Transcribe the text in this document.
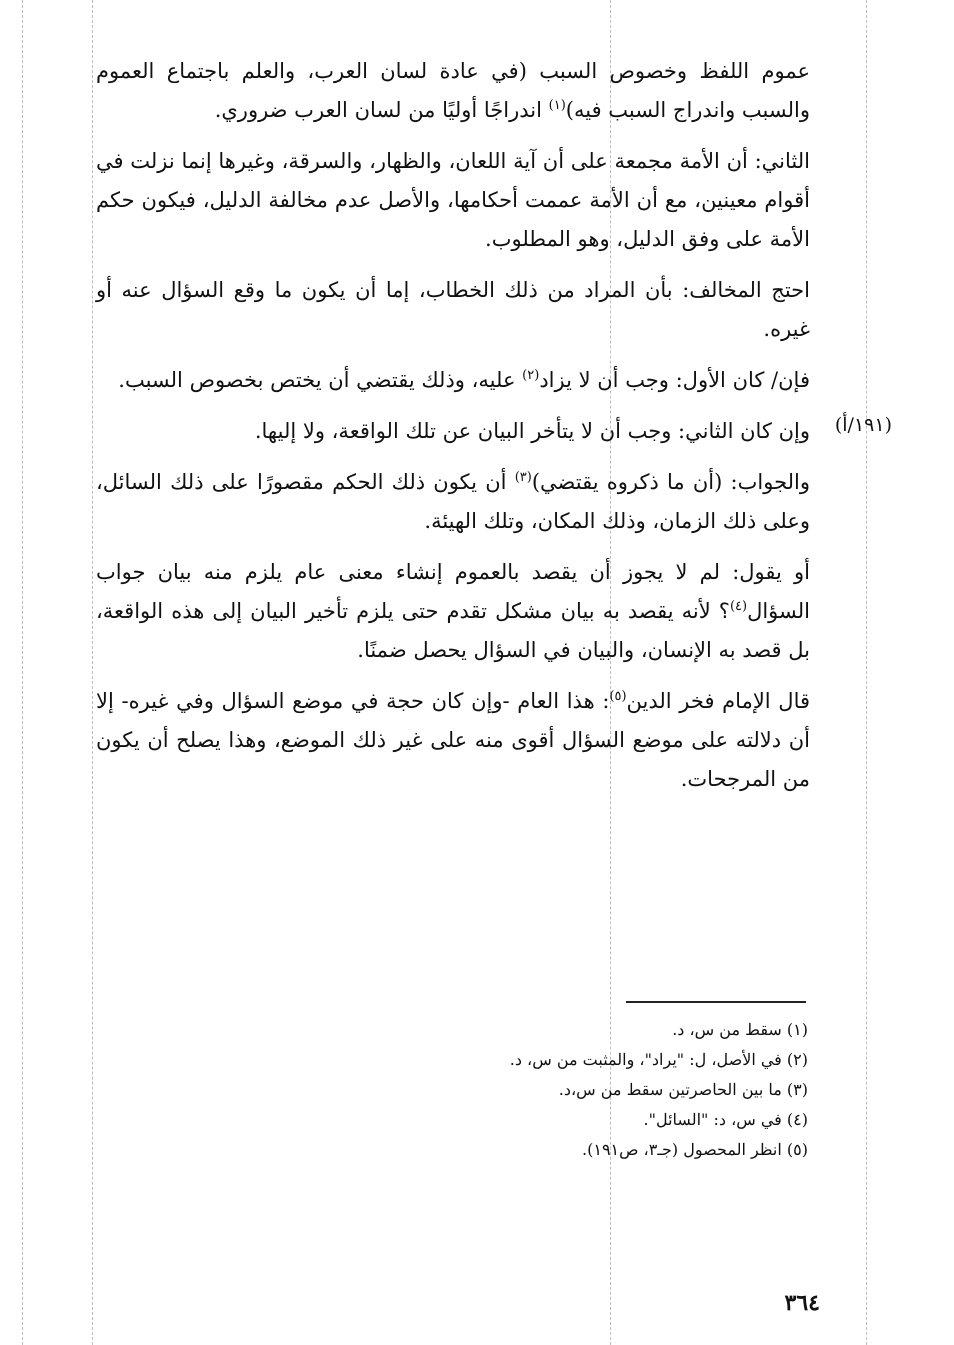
(١٩١/أ)

عموم اللفظ وخصوص السبب (في عادة لسان العرب، والعلم باجتماع العموم والسبب واندراج السبب فيه)$^{(١)}$ اندراجًا أوليًا من لسان العرب ضروري.

الثاني: أن الأمة مجمعة على أن آية اللعان، والظهار، والسرقة، وغيرها إنما نزلت في أقوام معينين، مع أن الأمة عممت أحكامها، والأصل عدم مخالفة الدليل، فيكون حكم الأمة على وفق الدليل، وهو المطلوب.

احتج المخالف: بأن المراد من ذلك الخطاب، إما أن يكون ما وقع السؤال عنه أو غيره.

فإن/ كان الأول: وجب أن لا يزاد$^{(٢)}$ عليه، وذلك يقتضي أن يختص بخصوص السبب.

وإن كان الثاني: وجب أن لا يتأخر البيان عن تلك الواقعة، ولا إليها.

والجواب: (أن ما ذكروه يقتضي)$^{(٣)}$ أن يكون ذلك الحكم مقصورًا على ذلك السائل، وعلى ذلك الزمان، وذلك المكان، وتلك الهيئة.

أو يقول: لم لا يجوز أن يقصد بالعموم إنشاء معنى عام يلزم منه بيان جواب السؤال$^{(٤)}$؟ لأنه يقصد به بيان مشكل تقدم حتى يلزم تأخير البيان إلى هذه الواقعة، بل قصد به الإنسان، والبيان في السؤال يحصل ضمنًا.

قال الإمام فخر الدين$^{(٥)}$: هذا العام -وإن كان حجة في موضع السؤال وفي غيره- إلا أن دلالته على موضع السؤال أقوى منه على غير ذلك الموضع، وهذا يصلح أن يكون من المرجحات.

(١) سقط من س، د.

(٢) في الأصل، ل: "يراد"، والمثبت من س، د.

(٣) ما بين الحاصرتين سقط من س،د.

(٤) في س، د: "السائل".

(٥) انظر المحصول (جـ٣، ص١٩١).

٣٦٤
